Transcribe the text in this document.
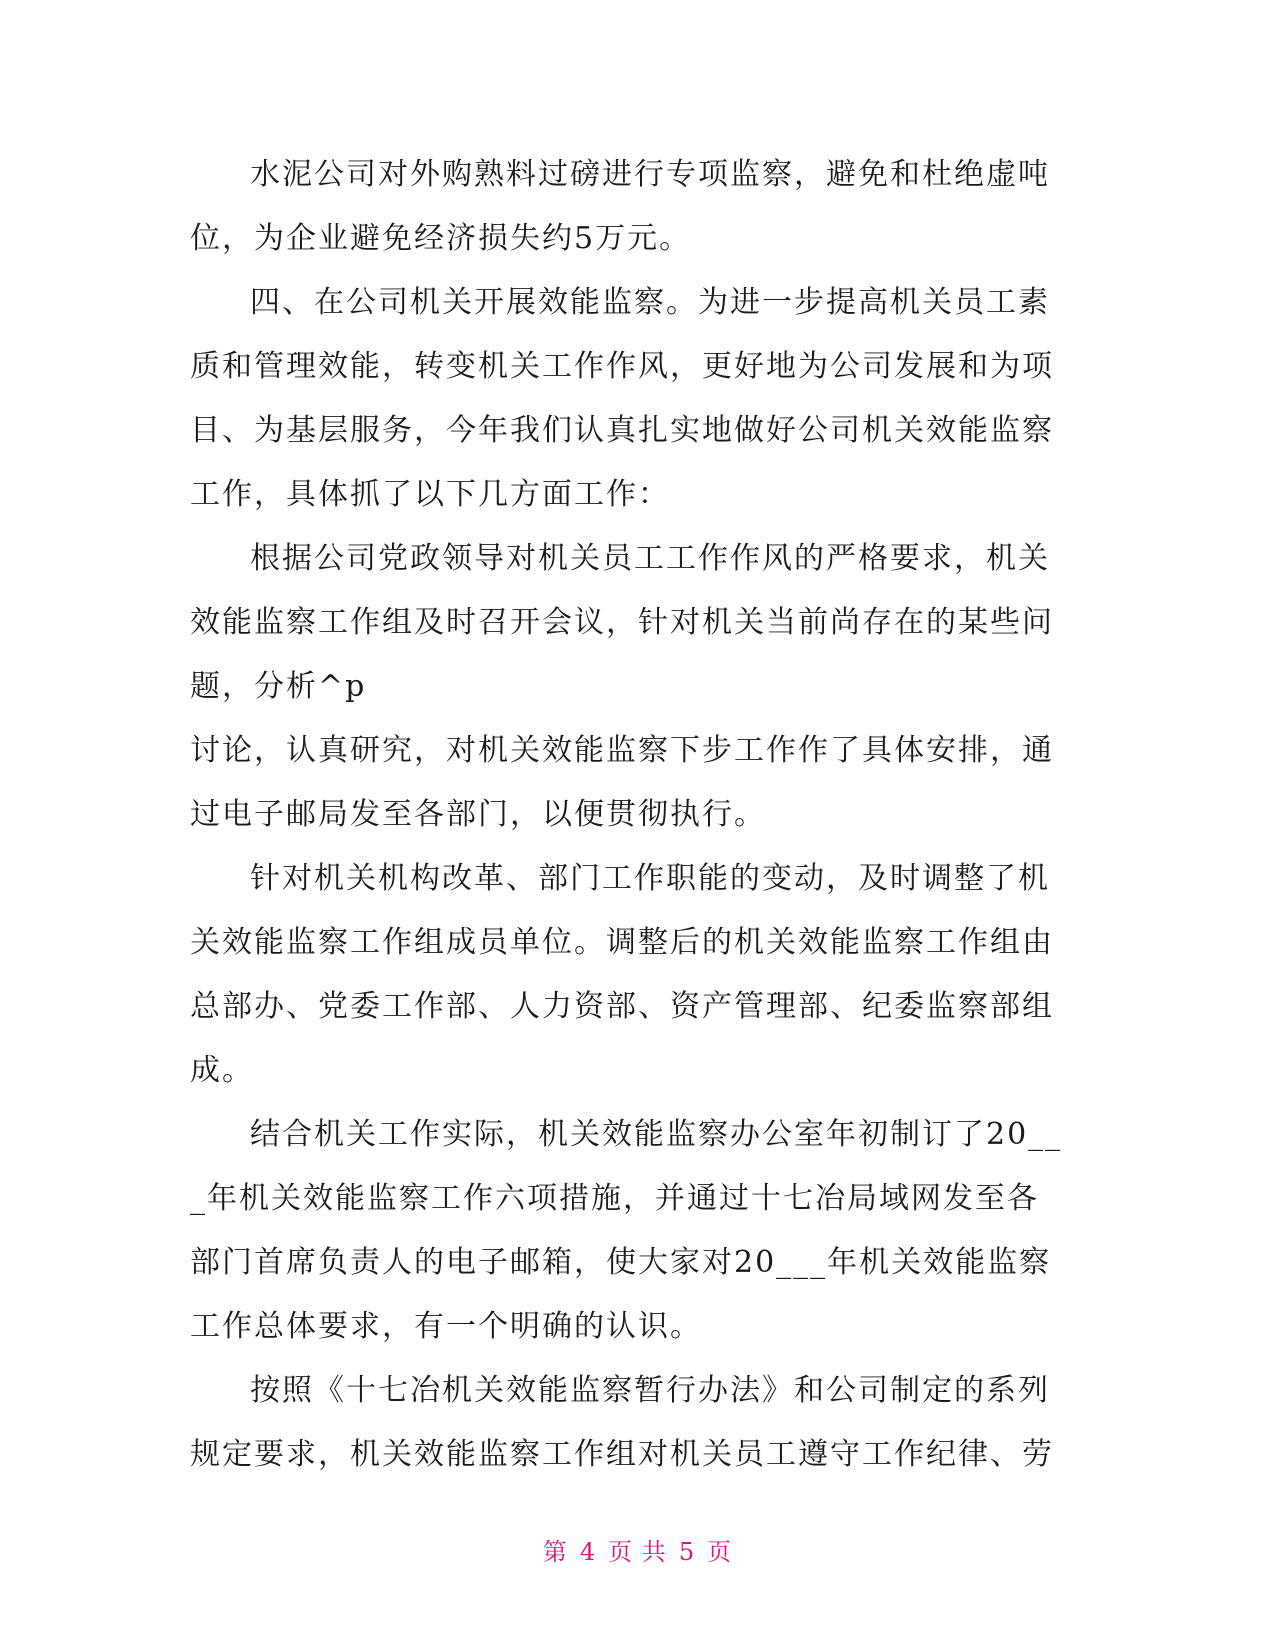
水泥公司对外购熟料过磅进行专项监察，避免和杜绝虚吨
位，为企业避免经济损失约5万元。
四、在公司机关开展效能监察。为进一步提高机关员工素
质和管理效能，转变机关工作作风，更好地为公司发展和为项
目、为基层服务，今年我们认真扎实地做好公司机关效能监察
工作，具体抓了以下几方面工作：
根据公司党政领导对机关员工工作作风的严格要求，机关
效能监察工作组及时召开会议，针对机关当前尚存在的某些问
题，分析^p
讨论，认真研究，对机关效能监察下步工作作了具体安排，通
过电子邮局发至各部门，以便贯彻执行。
针对机关机构改革、部门工作职能的变动，及时调整了机
关效能监察工作组成员单位。调整后的机关效能监察工作组由
总部办、党委工作部、人力资部、资产管理部、纪委监察部组
成。
结合机关工作实际，机关效能监察办公室年初制订了20__
_年机关效能监察工作六项措施，并通过十七冶局域网发至各
部门首席负责人的电子邮箱，使大家对20___年机关效能监察
工作总体要求，有一个明确的认识。
按照《十七冶机关效能监察暂行办法》和公司制定的系列
规定要求，机关效能监察工作组对机关员工遵守工作纪律、劳
第 4 页 共 5 页
